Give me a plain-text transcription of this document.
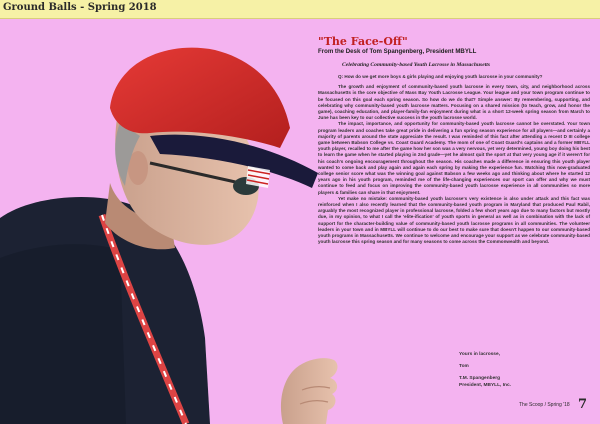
Ground Balls - Spring 2018
"The Face-Off"

From the Desk of Tom Spangenberg, President MBYLL

Celebrating Community-based Youth Lacrosse in Massachusetts

Q: How do we get more boys & girls playing and enjoying youth lacrosse in your community?

The growth and enjoyment of community-based youth lacrosse in every town, city, and neighborhood across Massachusetts is the core objective of Mass Bay Youth Lacrosse League. Your league and your town program continue to be focused on this goal each spring season. So how do we do that? Simple answer: By remembering, supporting, and celebrating why community-based youth lacrosse matters. Focusing on a shared mission (to teach, grow, and honor the game), coaching education, and player-family-fan enjoyment during what is a short 12-week spring season from March to June has been key to our collective success in the youth lacrosse world.

The impact, importance, and opportunity for community-based youth lacrosse cannot be overstated. Your town program leaders and coaches take great pride in delivering a fun spring season experience for all players—and certainly a majority of parents around the state appreciate the result. I was reminded of this fact after attending a recent D III college game between Babson College vs. Coast Guard Academy. The mom of one of Coast Guard's captains and a former MBYLL youth player, recalled to me after the game how her son was a very nervous, yet very determined, young boy doing his best to learn the game when he started playing in 2nd grade—yet he almost quit the sport at that very young age if it weren't for his coach's ongoing encouragement throughout the season. His coaches made a difference in ensuring this youth player wanted to come back and play again and again each spring by making the experience fun. Watching this now-graduated college senior score what was the winning goal against Babson a few weeks ago and thinking about where he started 12 years ago in his youth program, reminded me of the life-changing experiences our sport can offer and why we must continue to feed and focus on improving the community-based youth lacrosse experience in all communities so more players & families can share in that enjoyment.

Yet make no mistake: community-based youth lacrosse's very existence is also under attack and this fact was reinforced when I also recently learned that the community-based youth program in Maryland that produced Paul Rabil, arguably the most recognized player in professional lacrosse, folded a few short years ago due to many factors but mostly due, in my opinion, to what I call the 'elite-ification' of youth sports in general as well as in combination with the lack of support for the character-building value of community-based youth lacrosse programs in all communities. The volunteer leaders in your town and in MBYLL will continue to do our best to make sure that doesn't happen to our community-based youth programs in Massachusetts. We continue to welcome and encourage your support as we celebrate community-based youth lacrosse this spring season and for many seasons to come across the Commonwealth and beyond.

Yours in lacrosse,
Tom
T.M. Spangenberg
President, MBYLL, Inc.
The Scoop / Spring '18 7
